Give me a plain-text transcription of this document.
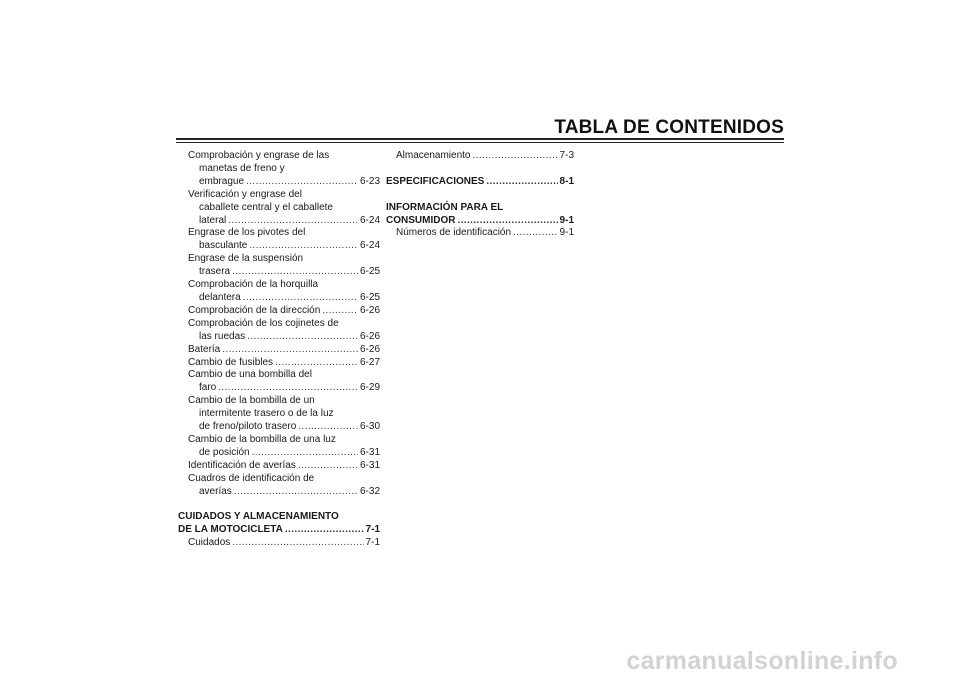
TABLA DE CONTENIDOS
Comprobación y engrase de las
manetas de freno y
embrague .....	6-23
Verificación y engrase del
caballete central y el caballete
lateral .....	6-24
Engrase de los pivotes del
basculante .....	6-24
Engrase de la suspensión
trasera .....	6-25
Comprobación de la horquilla
delantera .....	6-25
Comprobación de la dirección .....	6-26
Comprobación de los cojinetes de
las ruedas .....	6-26
Batería .....	6-26
Cambio de fusibles .....	6-27
Cambio de una bombilla del
faro .....	6-29
Cambio de la bombilla de un
intermitente trasero o de la luz
de freno/piloto trasero .....	6-30
Cambio de la bombilla de una luz
de posición .....	6-31
Identificación de averías .....	6-31
Cuadros de identificación de
averías .....	6-32
CUIDADOS Y ALMACENAMIENTO
DE LA MOTOCICLETA .....	7-1
Cuidados .....	7-1
Almacenamiento .....	7-3
ESPECIFICACIONES .....	8-1
INFORMACIÓN PARA EL
CONSUMIDOR .....	9-1
Números de identificación .....	9-1
carmanualsonline.info
